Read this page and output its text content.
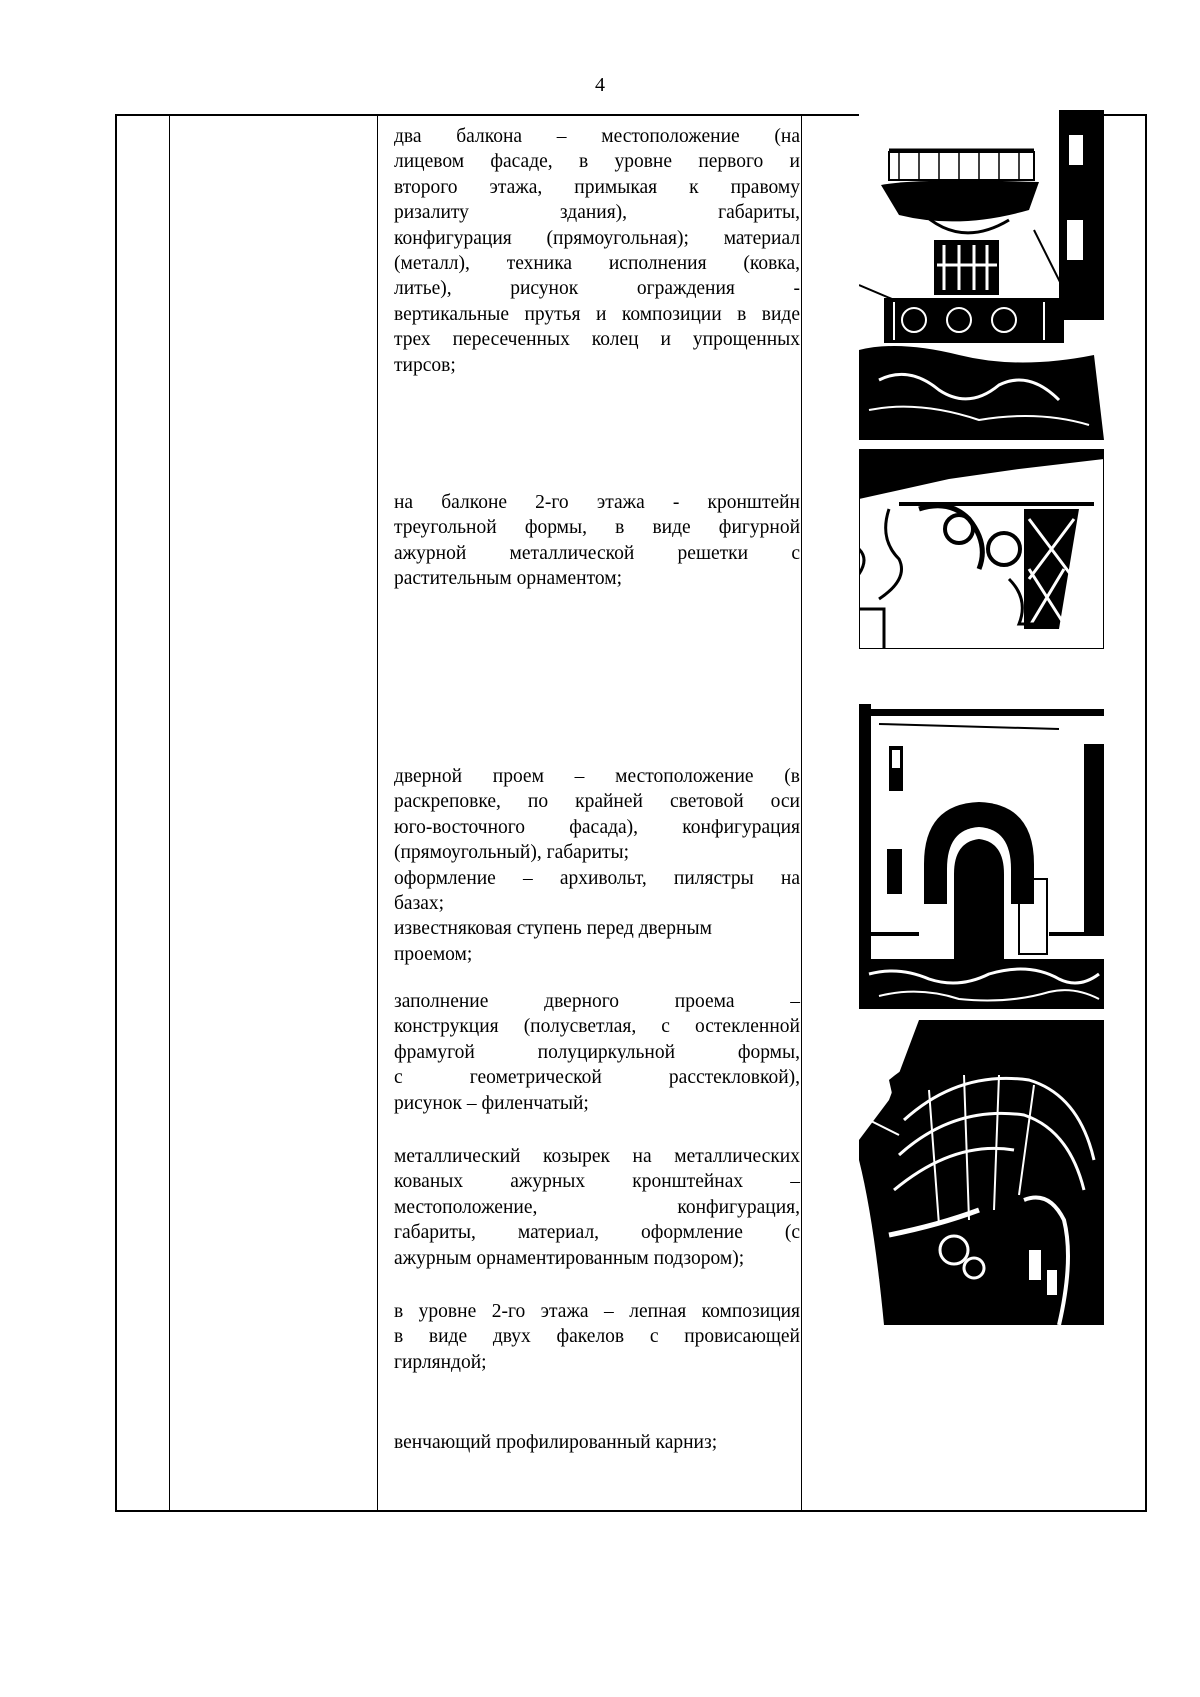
4

два балкона – местоположение (на
лицевом фасаде, в уровне первого и
второго этажа, примыкая к правому
ризалиту здания), габариты,
конфигурация (прямоугольная); материал
(металл), техника исполнения (ковка,
литье), рисунок ограждения -
вертикальные прутья и композиции в виде
трех пересеченных колец и упрощенных
тирсов;

на балконе 2-го этажа - кронштейн
треугольной формы, в виде фигурной
ажурной металлической решетки с
растительным орнаментом;

дверной проем – местоположение (в
раскреповке, по крайней световой оси
юго-восточного фасада), конфигурация
(прямоугольный), габариты;
оформление – архивольт, пилястры на
базах;
известняковая ступень перед дверным
проемом;

заполнение дверного проема –
конструкция (полусветлая, с остекленной
фрамугой полуциркульной формы,
с геометрической расстекловкой),
рисунок – филенчатый;

металлический козырек на металлических
кованых ажурных кронштейнах –
местоположение, конфигурация,
габариты, материал, оформление (с
ажурным орнаментированным подзором);

в уровне 2-го этажа – лепная композиция
в виде двух факелов с провисающей
гирляндой;

венчающий профилированный карниз;
